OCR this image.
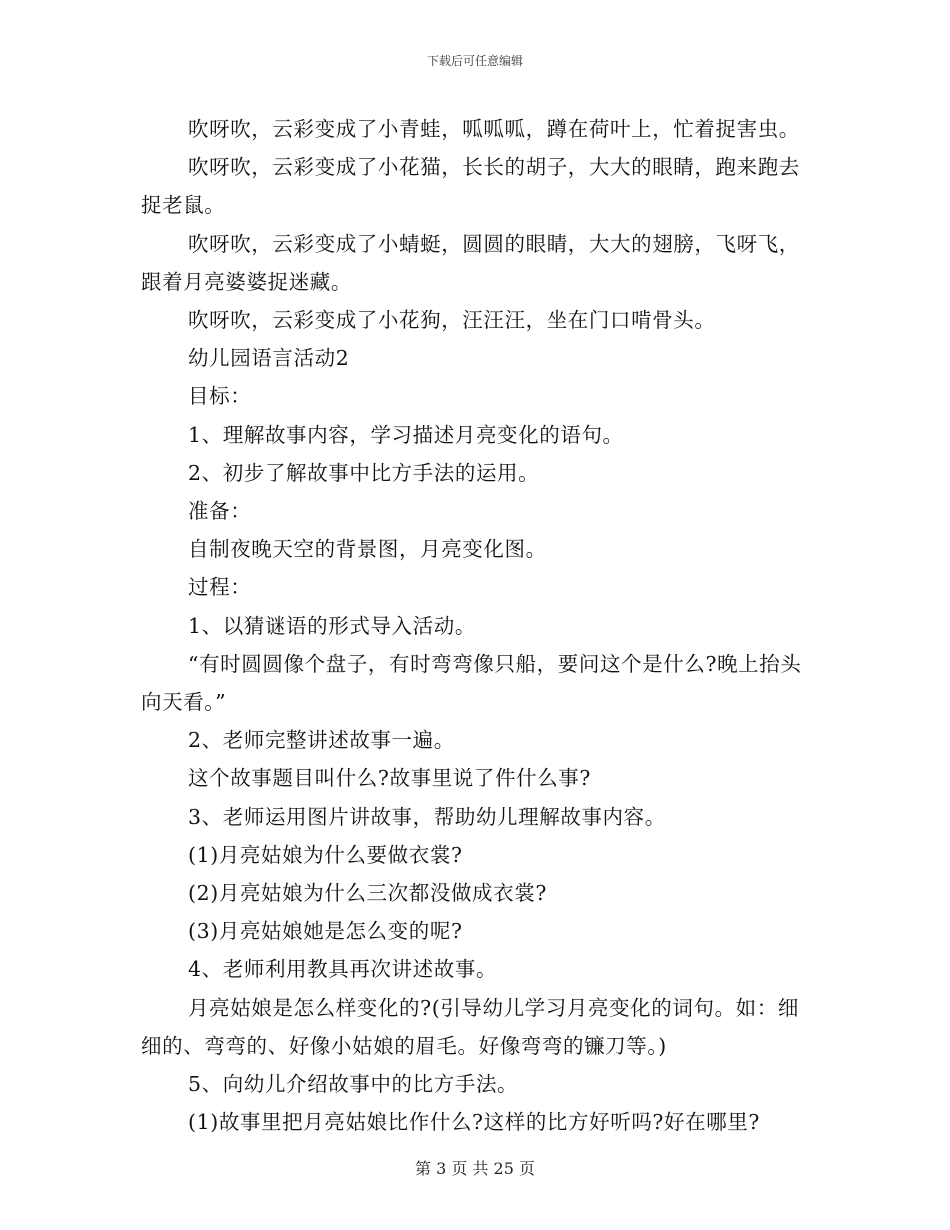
下载后可任意编辑

吹呀吹，云彩变成了小青蛙，呱呱呱，蹲在荷叶上，忙着捉害虫。

吹呀吹，云彩变成了小花猫，长长的胡子，大大的眼睛，跑来跑去捉老鼠。

吹呀吹，云彩变成了小蜻蜓，圆圆的眼睛，大大的翅膀，飞呀飞，跟着月亮婆婆捉迷藏。

吹呀吹，云彩变成了小花狗，汪汪汪，坐在门口啃骨头。

幼儿园语言活动2

目标：

1、理解故事内容，学习描述月亮变化的语句。

2、初步了解故事中比方手法的运用。

准备：

自制夜晚天空的背景图，月亮变化图。

过程：

1、以猜谜语的形式导入活动。

“有时圆圆像个盘子，有时弯弯像只船，要问这个是什么?晚上抬头向天看。”

2、老师完整讲述故事一遍。

这个故事题目叫什么?故事里说了件什么事?

3、老师运用图片讲故事，帮助幼儿理解故事内容。

(1)月亮姑娘为什么要做衣裳?

(2)月亮姑娘为什么三次都没做成衣裳?

(3)月亮姑娘她是怎么变的呢?

4、老师利用教具再次讲述故事。

月亮姑娘是怎么样变化的?(引导幼儿学习月亮变化的词句。如：细细的、弯弯的、好像小姑娘的眉毛。好像弯弯的镰刀等。)

5、向幼儿介绍故事中的比方手法。

(1)故事里把月亮姑娘比作什么?这样的比方好听吗?好在哪里?

第 3 页 共 25 页
